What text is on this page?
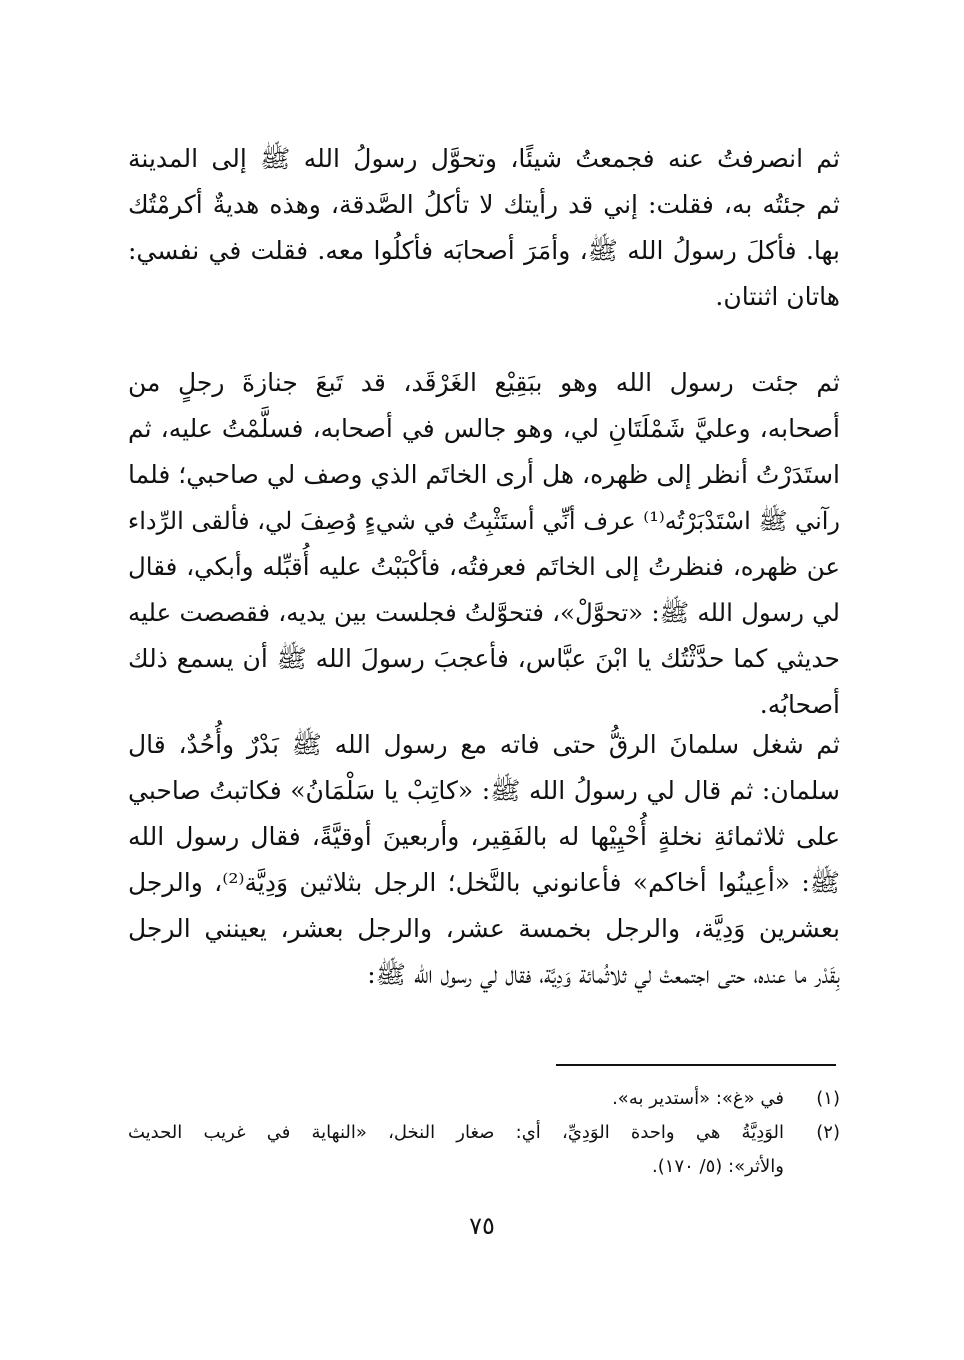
ثم انصرفتُ عنه فجمعتُ شيئًا، وتحوَّل رسولُ الله ﷺ إلى المدينة
ثم جئتُه به، فقلت: إني قد رأيتك لا تأكلُ الصَّدقة، وهذه هديةٌ أكرمْتُك
بها. فأكلَ رسولُ الله ﷺ، وأمَرَ أصحابَه فأكلُوا معه. فقلت في نفسي:
هاتان اثنتان.
ثم جئت رسول الله وهو ببَقِيْع الغَرْقَد، قد تَبعَ جنازةَ رجلٍ من
أصحابه، وعليَّ شَمْلَتَانِ لي، وهو جالس في أصحابه، فسلَّمْتُ عليه، ثم
استَدَرْتُ أنظر إلى ظهره، هل أرى الخاتَم الذي وصف لي صاحبي؛ فلما
رآني ﷺ اسْتَدْبَرْتُه⁽¹⁾ عرف أنِّي أستَثْبِتُ في شيءٍ وُصِفَ لي، فألقى الرِّداء
عن ظهره، فنظرتُ إلى الخاتَم فعرفتُه، فأكْبَبْتُ عليه أُقبِّله وأبكي، فقال
لي رسول الله ﷺ: «تحوَّلْ»، فتحوَّلتُ فجلست بين يديه، فقصصت عليه
حديثي كما حدَّثْتُك يا ابْنَ عبَّاس، فأعجبَ رسولَ الله ﷺ أن يسمع ذلك
أصحابُه.
ثم شغل سلمانَ الرقُّ حتى فاته مع رسول الله ﷺ بَدْرٌ وأُحُدٌ، قال
سلمان: ثم قال لي رسولُ الله ﷺ: «كاتِبْ يا سَلْمَانُ» فكاتبتُ صاحبي
على ثلاثمائةِ نخلةٍ أُحْيِيْها له بالفَقِير، وأربعينَ أوقيَّةً، فقال رسول الله
ﷺ: «أعِينُوا أخاكم» فأعانوني بالنَّخل؛ الرجل بثلاثين وَدِيَّة⁽²⁾، والرجل
بعشرين وَدِيَّة، والرجل بخمسة عشر، والرجل بعشر، يعينني الرجل
بِقَدْر ما عنده، حتى اجتمعتْ لي ثلاثُمائة وَدِيَّة، فقال لي رسول الله ﷺ:
(١)
في «غ»: «أستدير به».
(٢)
الوَدِيَّةُ هي واحدة الوَدِيِّ، أي: صغار النخل، «النهاية في غريب الحديث
والأثر»: (٥/ ١٧٠).
٧٥
